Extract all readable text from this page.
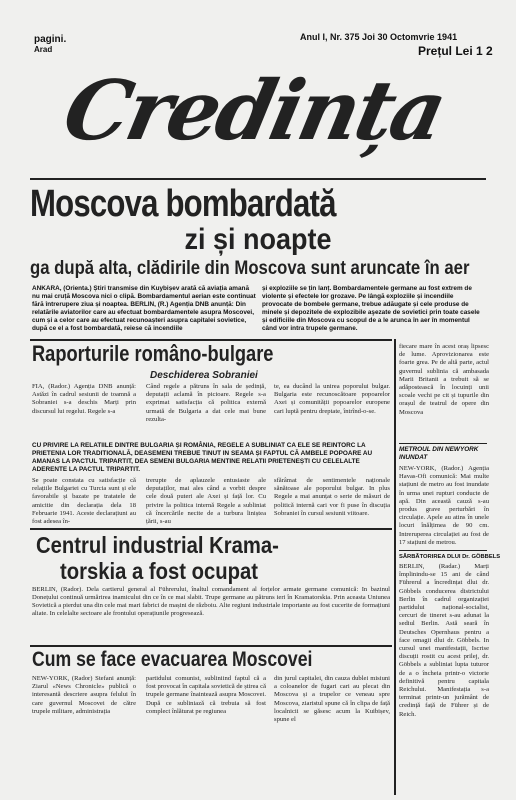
pagini.
Arad
Anul I, Nr. 375 Joi 30 Octomvrie 1941
Prețul Lei 1 2
Credința
Moscova bombardată
zi și noapte
ga după alta, clădirile din Moscova sunt aruncate în aer
ANKARA, (Orienta.) Știri transmise din Kuybișev arată că aviația amană nu mai cruță Moscova nici o clipă. Bombardamentul aerian este continuat fără întrerupere ziua și noaptea. BERLIN, (R.) Agenția DNB anunță: Din relatările aviatorilor care au efectuat bombardamentele asupra Moscovei, cum și a celor care au efectuat recunoașteri asupra capitalei sovietice, după ce el a fost bombardată, reiese că incendiile
și exploziile se țin lanț. Bombardamentele germane au fost extrem de violente și efectele lor grozave. Pe lângă exploziile și incendiile provocate de bombele germane, trebue adăugate și cele produse de minele și depozitele de explozibile aşezate de sovietici prin toate casele și edificiile din Moscova cu scopul de a le arunca în aer în momentul când vor intra trupele germane.
Raporturile româno-bulgare
Deschiderea Sobraniei
FIA, (Rador.) Agenția DNB anunță: Astăzi în cadrul sesiunii de toamnă a Sobraniei s-a deschis Marți prin discursul lui regelui. Regele s-a
Când regele a pătruns în sala de ședință, deputații aclamă în picioare. Regele s-a exprimat satisfacția că politica externă urmată de Bulgaria a dat cele mai bune rezulta-
te, ea ducând la unirea poporului bulgar. Bulgaria este recunoscătoare popoarelor Axei și comunității popoarelor europene cari luptă pentru dreptate, întrînd-o-se.
CU PRIVIRE LA RELATIILE DINTRE BULGARIA ȘI ROMÂNIA, REGELE A SUBLINIAT CA ELE SE REINTORC LA PRIETENIA LOR TRADITIONALĂ, DEASEMENI TREBUE TINUT IN SEAMA ȘI FAPTUL CĂ AMBELE POPOARE AU AMANAS LA PACTUL TRIPARTIT, DEA SEMENI BULGARIA MENTINE RELATII PRIETENEȘTI CU CELELALTE ADERENTE LA PACTUL TRIPARTIT.
Se poate constata cu satisfacție că relațiile Bulgariei cu Turcia sunt și ele favorabile și bazate pe tratatele de amicitie din declarația dela 18 Februarie 1941. Aceste declarațiuni au fost adesea în-
trerupte de aplauzele entusiaste ale deputaților, mai ales când a vorbit despre cele două puteri ale Axei și față lor. Cu privire la politica internă Regele a subliniat că încercările necite de a turbura liniștea țării, s-au
sfărâmat de sentimentele naționale sănătoase ale poporului bulgar. In plus Regele a mai anunțat o serie de măsuri de politică internă cari vor fi puse în discuția Sobraniei în cursul sesiunii viitoare.
fiecare mare în acest oraș lipsesc de lume. Aprovizionarea este foarte grea. Pe de altă parte, actul guvernul sublinia că ambasada Marii Britanii a trebuit să se adăpostească în locuinți unii scoale vechi pe cit și tupurile din orașul de teatrul de opere din Moscova
METROUL DIN NEWYORK INUNDAT
NEW-YORK, (Rador.) Agenția Havas-Ofi comunică: Mai multe stațiuni de metro au fost inundate în urma unei rupturi conducte de apă. Din această cauză s-au produs grave perturbări în circulație. Apele au atins în unele locuri înălțimea de 90 cm. Intreruperea circulației au fost de 17 stațiuni de metrou.
SĂRBĂTORIREA DLUI Dr. GÖBBELS
BERLIN, (Radar.) Marți împlinindu-se 15 ani de când Führerul a încredințat dlui dr. Göbbels conducerea districtului Berlin în cadrul organizației partidului național-socialist, cercuri de tineret s-au adunat la sediul Berlin. Astă seară în Deutsches Opernhaus pentru a face omagii dlui dr. Göbbels. In cursul unei manifestații, Iscrise discuții rostit cu acest prilej, dr. Göbbels a subliniat lupta tuturor de a o încheia printr-o victorie definitivă pentru capitala Reichului. Manifestația s-a terminat printr-un jurământ de credință față de Führer și de Reich.
Centrul industrial Krama-
torskia a fost ocupat
BERLIN, (Rador). Dela cartierul general al Führerului, înaltul comandament al forțelor armate germane comunică: In bazinul Donețului continuă urmărirea inamicului din ce în ce mai slabit. Trupe germane au pătruns ieri în Kramatorskia. Prin aceasta Uniunea Sovietică a pierdut una din cele mai mari fabrici de mașini de războiu. Alte regiuni industriale importante au fost cucerite de formațiuni aliate. In celelalte sectoare ale frontului operațiunile progresează.
Cum se face evacuarea Moscovei
NEW-YORK, (Rador) Stefani anunță: Ziarul «News Chronicle» publică o interesantă descriere asupra felului în care guvernul Moscovei de către trupele militare, administrația
partidului comunist, subliniind faptul că a fost provocat în capitala sovietică de știrea că trupele germane înaintează asupra Moscovei. După ce subliniază că trebuia să fost complect înlăturat pe regiunea
din jurul capitalei, din cauza dublei misiuni a coloanelor de fugari cari au plecat din Moscova și a trupelor ce veneau spre Moscova, ziaristul spune că în clipa de față localnicii se găsesc acum la Kuibișev, spune el
